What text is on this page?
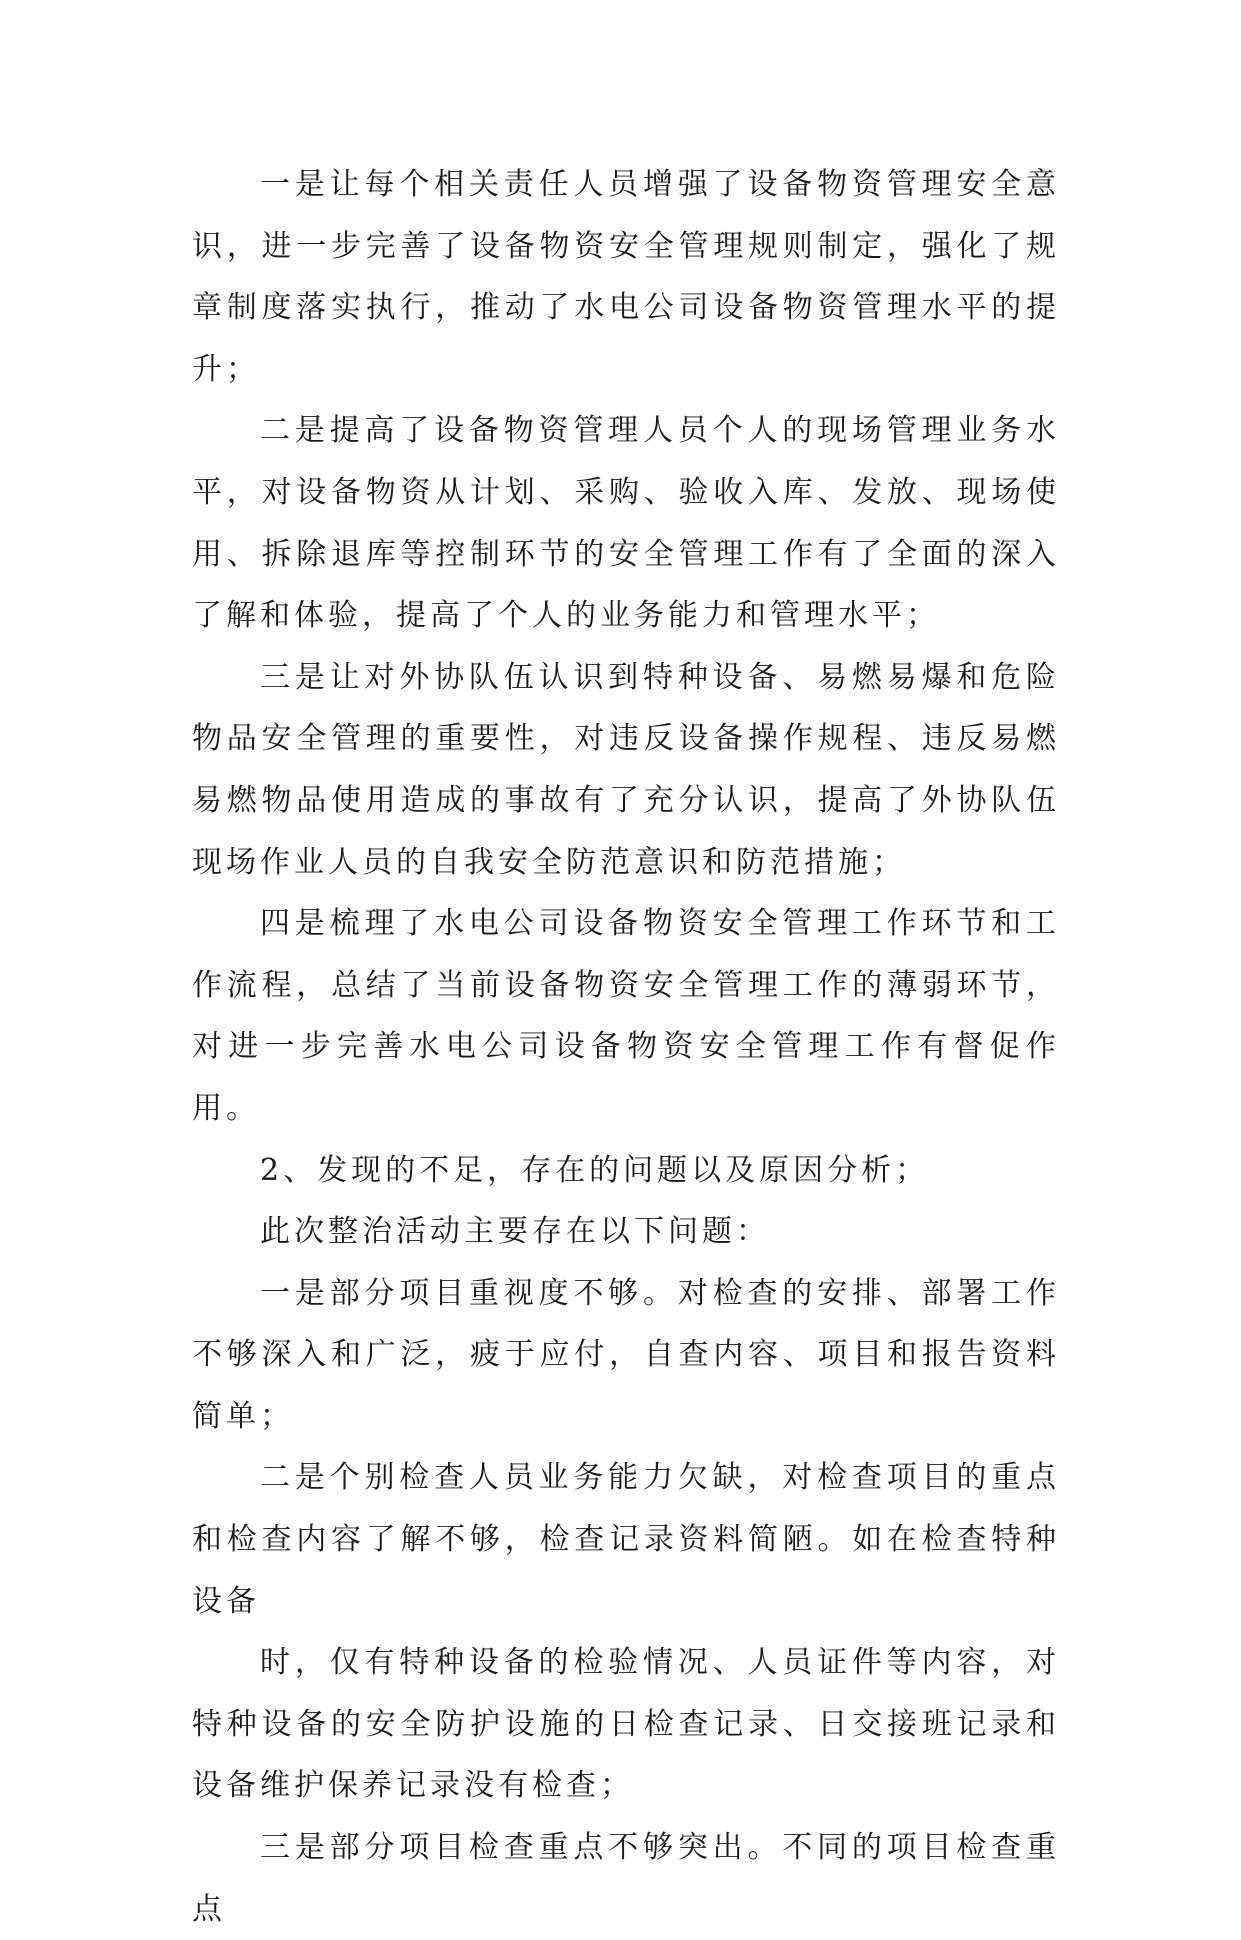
一是让每个相关责任人员增强了设备物资管理安全意识，进一步完善了设备物资安全管理规则制定，强化了规章制度落实执行，推动了水电公司设备物资管理水平的提升；

二是提高了设备物资管理人员个人的现场管理业务水平，对设备物资从计划、采购、验收入库、发放、现场使用、拆除退库等控制环节的安全管理工作有了全面的深入了解和体验，提高了个人的业务能力和管理水平；

三是让对外协队伍认识到特种设备、易燃易爆和危险物品安全管理的重要性，对违反设备操作规程、违反易燃易燃物品使用造成的事故有了充分认识，提高了外协队伍现场作业人员的自我安全防范意识和防范措施；

四是梳理了水电公司设备物资安全管理工作环节和工作流程，总结了当前设备物资安全管理工作的薄弱环节，对进一步完善水电公司设备物资安全管理工作有督促作用。

2、发现的不足，存在的问题以及原因分析；

此次整治活动主要存在以下问题：

一是部分项目重视度不够。对检查的安排、部署工作不够深入和广泛，疲于应付，自查内容、项目和报告资料简单；

二是个别检查人员业务能力欠缺，对检查项目的重点和检查内容了解不够，检查记录资料简陋。如在检查特种设备

时，仅有特种设备的检验情况、人员证件等内容，对特种设备的安全防护设施的日检查记录、日交接班记录和设备维护保养记录没有检查；

三是部分项目检查重点不够突出。不同的项目检查重点
